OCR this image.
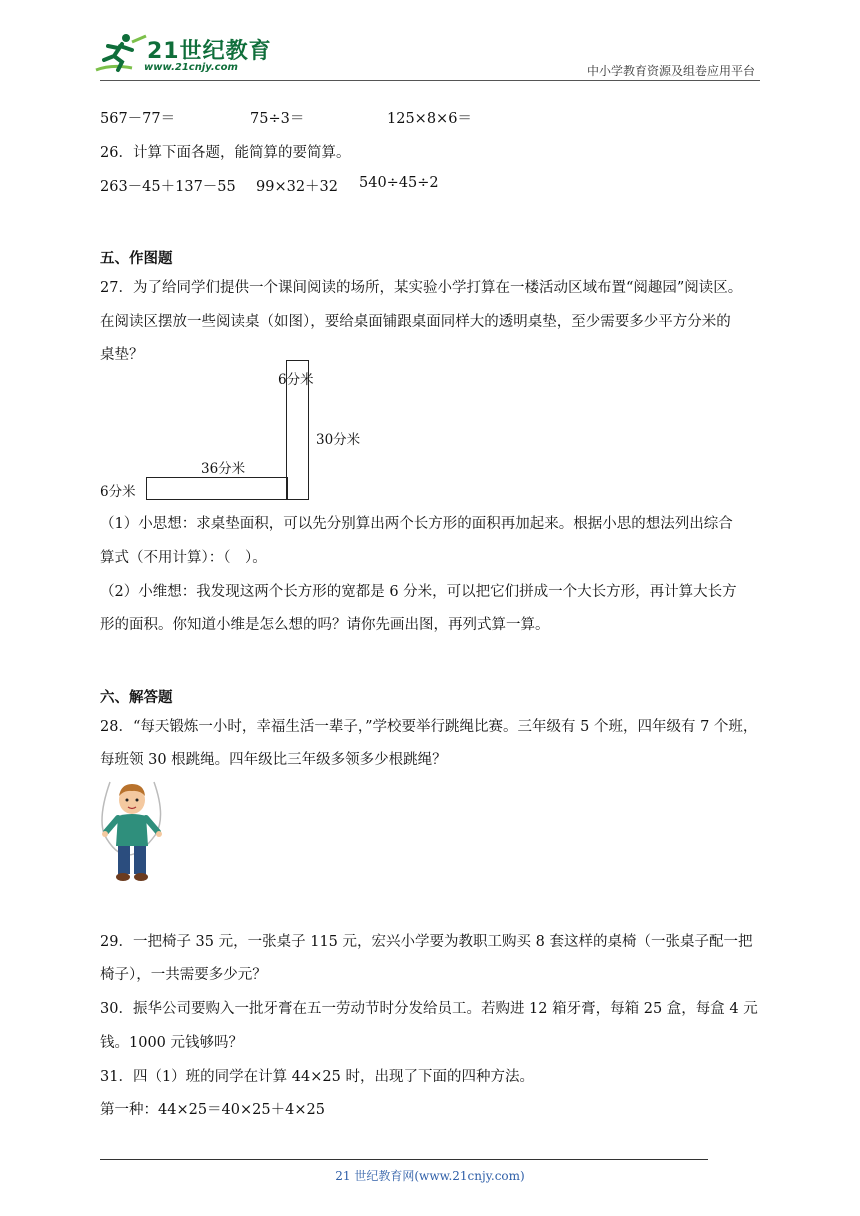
21世纪教育
www.21cnjy.com	中小学教育资源及组卷应用平台
567－77＝	75÷3＝	125×8×6＝
26．计算下面各题，能简算的要简算。
263－45＋137－55 99×32＋32 540÷45÷2
五、作图题
27．为了给同学们提供一个课间阅读的场所，某实验小学打算在一楼活动区域布置“阅趣园”阅读区。
在阅读区摆放一些阅读桌（如图），要给桌面铺跟桌面同样大的透明桌垫，至少需要多少平方分米的
桌垫？
6分米
30分米
36分米
6分米
（1）小思想：求桌垫面积，可以先分别算出两个长方形的面积再加起来。根据小思的想法列出综合
算式（不用计算）：（　）。
（2）小维想：我发现这两个长方形的宽都是 6 分米，可以把它们拼成一个大长方形，再计算大长方
形的面积。你知道小维是怎么想的吗？请你先画出图，再列式算一算。
六、解答题
28．“每天锻炼一小时，幸福生活一辈子，”学校要举行跳绳比赛。三年级有 5 个班，四年级有 7 个班，
每班领 30 根跳绳。四年级比三年级多领多少根跳绳？
29．一把椅子 35 元，一张桌子 115 元，宏兴小学要为教职工购买 8 套这样的桌椅（一张桌子配一把
椅子），一共需要多少元？
30．振华公司要购入一批牙膏在五一劳动节时分发给员工。若购进 12 箱牙膏，每箱 25 盒，每盒 4 元
钱。1000 元钱够吗？
31．四（1）班的同学在计算 44×25 时，出现了下面的四种方法。
第一种：44×25＝40×25＋4×25
21 世纪教育网(www.21cnjy.com)
